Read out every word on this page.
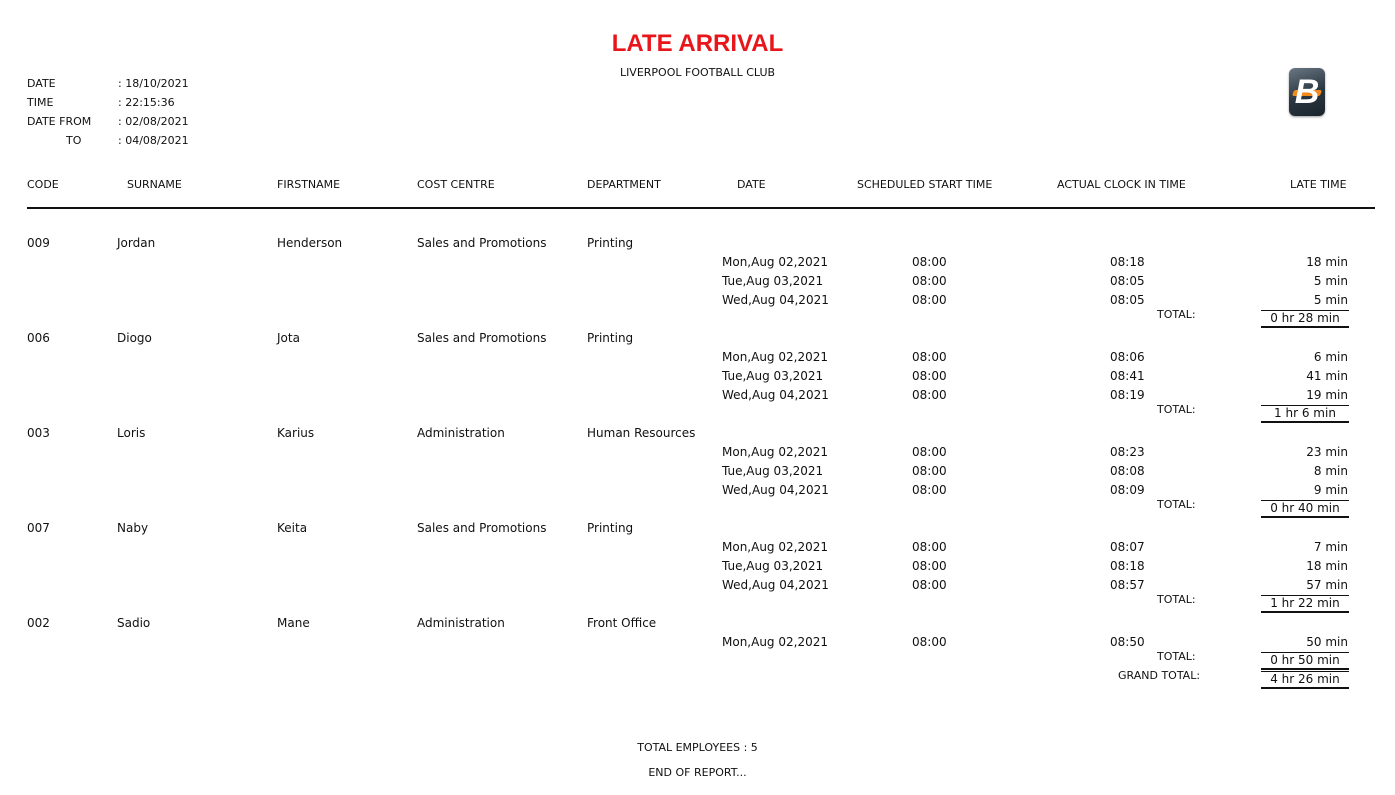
LATE ARRIVAL
LIVERPOOL FOOTBALL CLUB
DATE	: 18/10/2021
TIME	: 22:15:36
DATE FROM : 02/08/2021
TO	: 04/08/2021
B
CODE	SURNAME	FIRSTNAME	COST CENTRE	DEPARTMENT	DATE	SCHEDULED START TIME	ACTUAL CLOCK IN TIME	LATE TIME
009	Jordan	Henderson	Sales and Promotions	Printing
Mon,Aug 02,2021	08:00	08:18	18 min
Tue,Aug 03,2021	08:00	08:05	5 min
Wed,Aug 04,2021	08:00	08:05	5 min
TOTAL:	0 hr 28 min
006	Diogo	Jota	Sales and Promotions	Printing
Mon,Aug 02,2021	08:00	08:06	6 min
Tue,Aug 03,2021	08:00	08:41	41 min
Wed,Aug 04,2021	08:00	08:19	19 min
TOTAL:	1 hr 6 min
003	Loris	Karius	Administration	Human Resources
Mon,Aug 02,2021	08:00	08:23	23 min
Tue,Aug 03,2021	08:00	08:08	8 min
Wed,Aug 04,2021	08:00	08:09	9 min
TOTAL:	0 hr 40 min
007	Naby	Keita	Sales and Promotions	Printing
Mon,Aug 02,2021	08:00	08:07	7 min
Tue,Aug 03,2021	08:00	08:18	18 min
Wed,Aug 04,2021	08:00	08:57	57 min
TOTAL:	1 hr 22 min
002	Sadio	Mane	Administration	Front Office
Mon,Aug 02,2021	08:00	08:50	50 min
TOTAL:	0 hr 50 min
GRAND TOTAL:	4 hr 26 min
TOTAL EMPLOYEES : 5
END OF REPORT...
